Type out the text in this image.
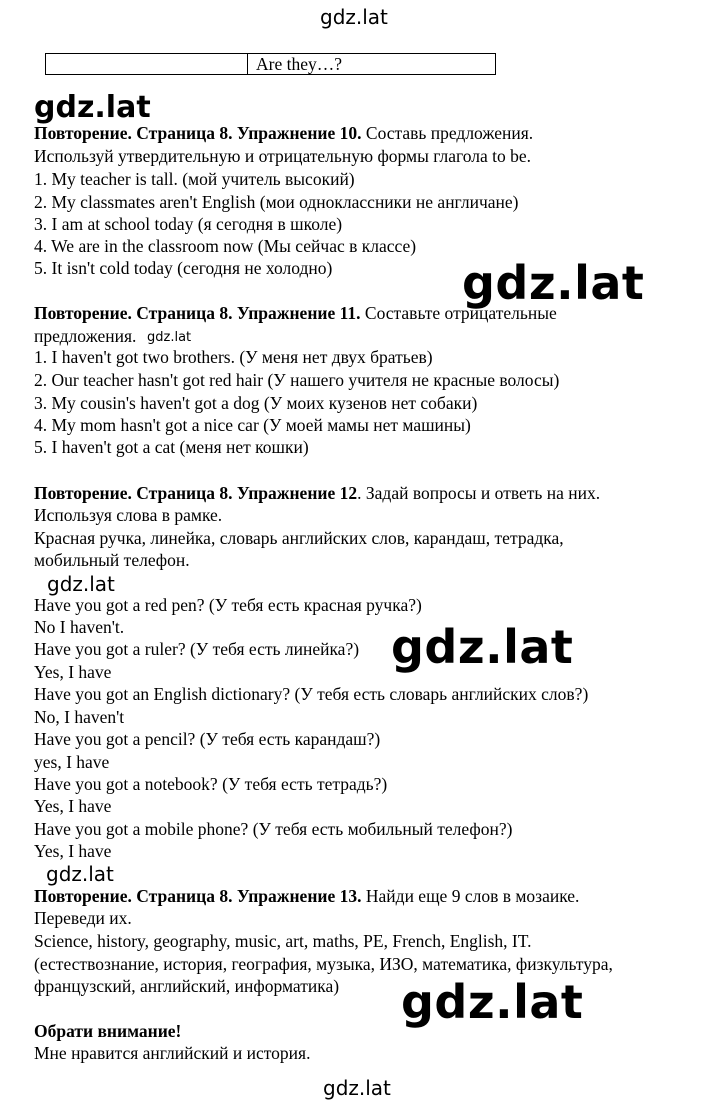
gdz.lat
gdz.lat
gdz.lat
gdz.lat
gdz.lat
gdz.lat
gdz.lat
gdz.lat
gdz.lat
Are they…?
Повторение. Страница 8. Упражнение 10. Составь предложения.
Используй утвердительную и отрицательную формы глагола to be.
1. My teacher is tall. (мой учитель высокий)
2. My classmates aren't English (мои одноклассники не англичане)
3. I am at school today (я сегодня в школе)
4. We are in the classroom now (Мы сейчас в классе)
5. It isn't cold today (сегодня не холодно)
Повторение. Страница 8. Упражнение 11. Составьте отрицательные
предложения.
1. I haven't got two brothers. (У меня нет двух братьев)
2. Our teacher hasn't got red hair (У нашего учителя не красные волосы)
3. My cousin's haven't got a dog (У моих кузенов нет собаки)
4. My mom hasn't got a nice car (У моей мамы нет машины)
5. I haven't got a cat (меня нет кошки)
Повторение. Страница 8. Упражнение 12. Задай вопросы и ответь на них.
Используя слова в рамке.
Красная ручка, линейка, словарь английских слов, карандаш, тетрадка,
мобильный телефон.
Have you got a red pen? (У тебя есть красная ручка?)
No I haven't.
Have you got a ruler? (У тебя есть линейка?)
Yes, I have
Have you got an English dictionary? (У тебя есть словарь английских слов?)
No, I haven't
Have you got a pencil? (У тебя есть карандаш?)
yes, I have
Have you got a notebook? (У тебя есть тетрадь?)
Yes, I have
Have you got a mobile phone? (У тебя есть мобильный телефон?)
Yes, I have
Повторение. Страница 8. Упражнение 13. Найди еще 9 слов в мозаике.
Переведи их.
Science, history, geography, music, art, maths, PE, French, English, IT.
(естествознание, история, география, музыка, ИЗО, математика, физкультура,
французский, английский, информатика)
Обрати внимание!
Мне нравится английский и история.
